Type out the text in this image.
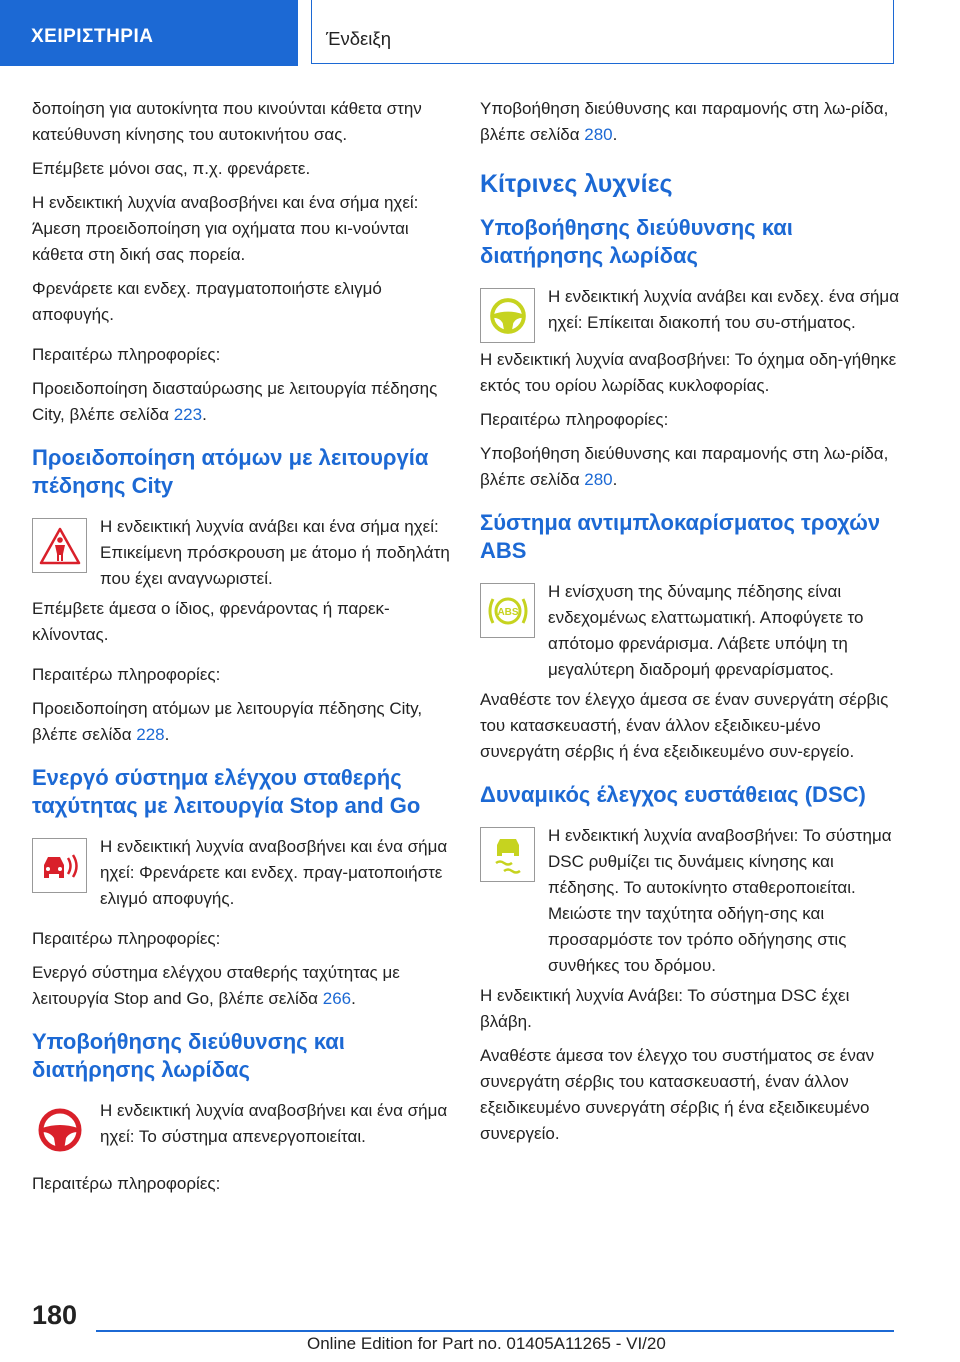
ΧΕΙΡΙΣΤΗΡΙΑ	Ένδειξη

δοποίηση για αυτοκίνητα που κινούνται κάθετα στην κατεύθυνση κίνησης του αυτοκινήτου σας.

Επέμβετε μόνοι σας, π.χ. φρενάρετε.

Η ενδεικτική λυχνία αναβοσβήνει και ένα σήμα ηχεί: Άμεση προειδοποίηση για οχήματα που κι-νούνται κάθετα στη δική σας πορεία.

Φρενάρετε και ενδεχ. πραγματοποιήστε ελιγμό αποφυγής.

Περαιτέρω πληροφορίες:

Προειδοποίηση διασταύρωσης με λειτουργία πέδησης City, βλέπε σελίδα 223.

Προειδοποίηση ατόμων με λειτουργία πέδησης City

Η ενδεικτική λυχνία ανάβει και ένα σήμα ηχεί: Επικείμενη πρόσκρουση με άτομο ή ποδηλάτη που έχει αναγνωριστεί.

Επέμβετε άμεσα ο ίδιος, φρενάροντας ή παρεκ-κλίνοντας.

Περαιτέρω πληροφορίες:

Προειδοποίηση ατόμων με λειτουργία πέδησης City, βλέπε σελίδα 228.

Ενεργό σύστημα ελέγχου σταθερής ταχύτητας με λειτουργία Stop and Go

Η ενδεικτική λυχνία αναβοσβήνει και ένα σήμα ηχεί: Φρενάρετε και ενδεχ. πραγ-ματοποιήστε ελιγμό αποφυγής.

Περαιτέρω πληροφορίες:

Ενεργό σύστημα ελέγχου σταθερής ταχύτητας με λειτουργία Stop and Go, βλέπε σελίδα 266.

Υποβοήθησης διεύθυνσης και διατήρησης λωρίδας

Η ενδεικτική λυχνία αναβοσβήνει και ένα σήμα ηχεί: Το σύστημα απενεργοποιείται.

Περαιτέρω πληροφορίες:

Υποβοήθηση διεύθυνσης και παραμονής στη λω-ρίδα, βλέπε σελίδα 280.

Κίτρινες λυχνίες
Υποβοήθησης διεύθυνσης και διατήρησης λωρίδας

Η ενδεικτική λυχνία ανάβει και ενδεχ. ένα σήμα ηχεί: Επίκειται διακοπή του συ-στήματος.

Η ενδεικτική λυχνία αναβοσβήνει: Το όχημα οδη-γήθηκε εκτός του ορίου λωρίδας κυκλοφορίας.

Περαιτέρω πληροφορίες:

Υποβοήθηση διεύθυνσης και παραμονής στη λω-ρίδα, βλέπε σελίδα 280.

Σύστημα αντιμπλοκαρίσματος τροχών ABS
ABS

Η ενίσχυση της δύναμης πέδησης είναι ενδεχομένως ελαττωματική. Αποφύγετε το απότομο φρενάρισμα. Λάβετε υπόψη τη μεγαλύτερη διαδρομή φρεναρίσματος.

Αναθέστε τον έλεγχο άμεσα σε έναν συνεργάτη σέρβις του κατασκευαστή, έναν άλλον εξειδικευ-μένο συνεργάτη σέρβις ή ένα εξειδικευμένο συν-εργείο.

Δυναμικός έλεγχος ευστάθειας (DSC)

Η ενδεικτική λυχνία αναβοσβήνει: Το σύστημα DSC ρυθμίζει τις δυνάμεις κίνησης και πέδησης. Το αυτοκίνητο σταθεροποιείται. Μειώστε την ταχύτητα οδήγη-σης και προσαρμόστε τον τρόπο οδήγησης στις συνθήκες του δρόμου.

Η ενδεικτική λυχνία Ανάβει: Το σύστημα DSC έχει βλάβη.

Αναθέστε άμεσα τον έλεγχο του συστήματος σε έναν συνεργάτη σέρβις του κατασκευαστή, έναν άλλον εξειδικευμένο συνεργάτη σέρβις ή ένα εξειδικευμένο συνεργείο.

180
Online Edition for Part no. 01405A11265 - VI/20
